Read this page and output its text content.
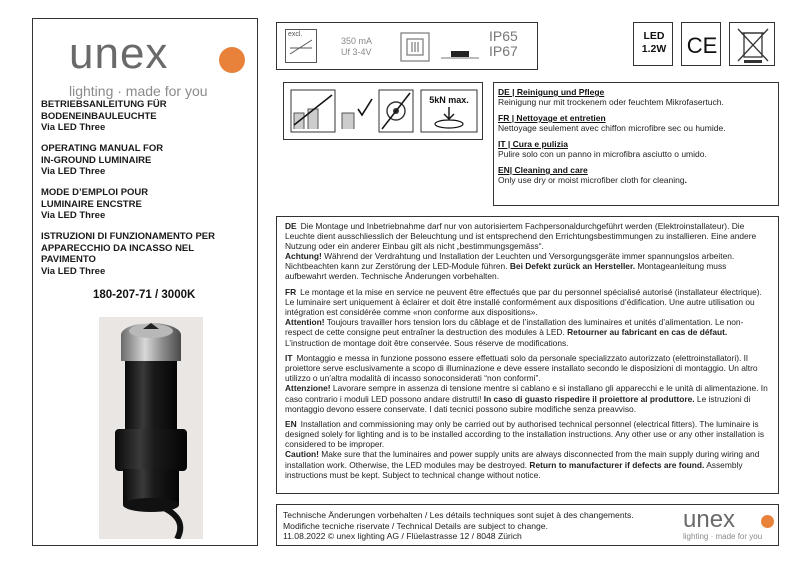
unex
lighting · made for you
BETRIEBSANLEITUNG FÜR
BODENEINBAULEUCHTE
Via LED Three
OPERATING MANUAL FOR
IN-GROUND LUMINAIRE
Via LED Three
MODE D’EMPLOI POUR
LUMINAIRE ENCSTRE
Via LED Three
ISTRUZIONI DI FUNZIONAMENTO PER
APPARECCHIO DA INCASSO NEL
PAVIMENTO
Via LED Three
180-207-71 / 3000K
excl.
350 mA
Uf 3-4V
IP65
IP67
LED
1.2W CE
5kN max.
DE | Reinigung und Pflege
Reinigung nur mit trockenem oder feuchtem Mikrofasertuch.
FR | Nettoyage et entretien
Nettoyage seulement avec chiffon microfibre sec ou humide.
IT | Cura e pulizia
Pulire solo con un panno in microfibra asciutto o umido.
EN| Cleaning and care
Only use dry or moist microfiber cloth for cleaning.
DE Die Montage und Inbetriebnahme darf nur von autorisiertem Fachpersonaldurchgeführt werden (Elektroinstallateur). Die Leuchte dient ausschliesslich der Beleuchtung und ist entsprechend den Errichtungsbestimmungen zu installieren. Eine andere Nutzung oder ein anderer Einbau gilt als nicht „bestimmungsgemäss“.
Achtung! Während der Verdrahtung und Installation der Leuchten und Versorgungsgeräte immer spannungslos arbeiten. Nichtbeachten kann zur Zerstörung der LED-Module führen. Bei Defekt zurück an Hersteller. Montageanleitung muss aufbewahrt werden. Technische Änderungen vorbehalten.
FR Le montage et la mise en service ne peuvent être effectués que par du personnel spécialisé autorisé (installateur électrique). Le luminaire sert uniquement à éclairer et doit être installé conformément aux dispositions d’édification. Une autre utilisation ou intégration est considérée comme «non conforme aux dispositions».
Attention! Toujours travailler hors tension lors du câblage et de l’installation des luminaires et unités d’alimentation. Le non-respect de cette consigne peut entraîner la destruction des modules à LED. Retourner au fabricant en cas de défaut. L’instruction de montage doit être conservée. Sous réserve de modifications.
IT Montaggio e messa in funzione possono essere effettuati solo da personale specializzato autorizzato (elettroinstallatori). Il proiettore serve esclusivamente a scopo di illuminazione e deve essere installato secondo le disposizioni di montaggio. Un altro utilizzo o un’altra modalità di incasso sonoconsiderati “non conformi”.
Attenzione! Lavorare sempre in assenza di tensione mentre si cablano e si installano gli apparecchi e le unità di alimentazione. In caso contrario i moduli LED possono andare distrutti! In caso di guasto rispedire il proiettore al produttore. Le istruzioni di montaggio devono essere conservate. I dati tecnici possono subire modifiche senza preavviso.
EN Installation and commissioning may only be carried out by authorised technical personnel (electrical fitters). The luminaire is designed solely for lighting and is to be installed according to the installation instructions. Any other use or any other installation is considered to be improper.
Caution! Make sure that the luminaires and power supply units are always disconnected from the main supply during wiring and installation work. Otherwise, the LED modules may be destroyed. Return to manufacturer if defects are found. Assembly instructions must be kept. Subject to technical change without notice.
Technische Änderungen vorbehalten / Les détails techniques sont sujet à des changements.
Modifiche tecniche riservate / Technical Details are subject to change.
11.08.2022 © unex lighting AG / Flüelastrasse 12 / 8048 Zürich
unex
lighting · made for you
